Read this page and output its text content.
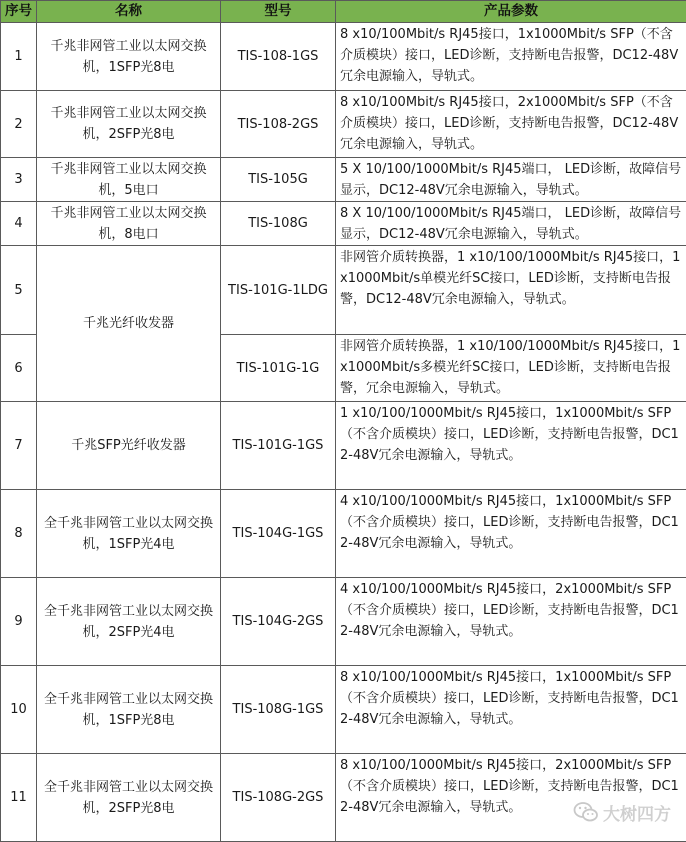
序号	名称	型号	产品参数
1	千兆非网管工业以太网交换机，1SFP光8电	TIS-108-1GS	8 x10/100Mbit/s RJ45接口，1x1000Mbit/s SFP（不含介质模块）接口，LED诊断，支持断电告报警，DC12-48V冗余电源输入，导轨式。
2	千兆非网管工业以太网交换机，2SFP光8电	TIS-108-2GS	8 x10/100Mbit/s RJ45接口，2x1000Mbit/s SFP（不含介质模块）接口，LED诊断，支持断电告报警，DC12-48V冗余电源输入，导轨式。
3	千兆非网管工业以太网交换机，5电口	TIS-105G	5 X 10/100/1000Mbit/s RJ45端口， LED诊断，故障信号显示，DC12-48V冗余电源输入，导轨式。
4	千兆非网管工业以太网交换机，8电口	TIS-108G	8 X 10/100/1000Mbit/s RJ45端口， LED诊断，故障信号显示，DC12-48V冗余电源输入，导轨式。
5	千兆光纤收发器	TIS-101G-1LDG	非网管介质转换器，1 x10/100/1000Mbit/s RJ45接口，1x1000Mbit/s单模光纤SC接口，LED诊断，支持断电告报警，DC12-48V冗余电源输入，导轨式。
6		TIS-101G-1G	非网管介质转换器，1 x10/100/1000Mbit/s RJ45接口，1x1000Mbit/s多模光纤SC接口，LED诊断，支持断电告报警，冗余电源输入，导轨式。
7	千兆SFP光纤收发器	TIS-101G-1GS	1 x10/100/1000Mbit/s RJ45接口，1x1000Mbit/s SFP（不含介质模块）接口，LED诊断，支持断电告报警，DC12-48V冗余电源输入，导轨式。
8	全千兆非网管工业以太网交换机，1SFP光4电	TIS-104G-1GS	4 x10/100/1000Mbit/s RJ45接口，1x1000Mbit/s SFP（不含介质模块）接口，LED诊断，支持断电告报警，DC12-48V冗余电源输入，导轨式。
9	全千兆非网管工业以太网交换机，2SFP光4电	TIS-104G-2GS	4 x10/100/1000Mbit/s RJ45接口，2x1000Mbit/s SFP（不含介质模块）接口，LED诊断，支持断电告报警，DC12-48V冗余电源输入，导轨式。
10	全千兆非网管工业以太网交换机，1SFP光8电	TIS-108G-1GS	8 x10/100/1000Mbit/s RJ45接口，1x1000Mbit/s SFP（不含介质模块）接口，LED诊断，支持断电告报警，DC12-48V冗余电源输入，导轨式。
11	全千兆非网管工业以太网交换机，2SFP光8电	TIS-108G-2GS	8 x10/100/1000Mbit/s RJ45接口，2x1000Mbit/s SFP（不含介质模块）接口，LED诊断，支持断电告报警，DC12-48V冗余电源输入，导轨式。	大树四方
